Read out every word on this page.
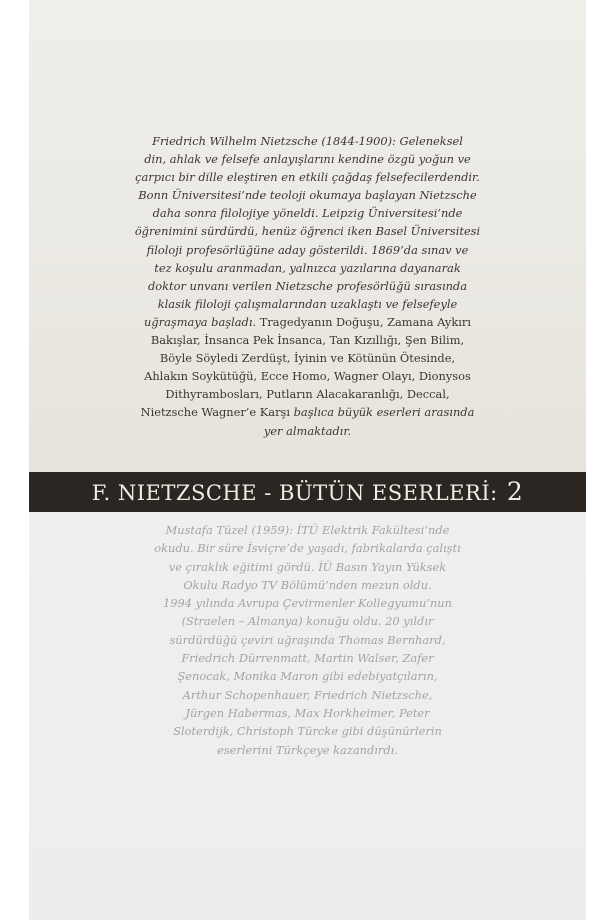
Friedrich Wilhelm Nietzsche (1844-1900): Geleneksel
din, ahlak ve felsefe anlayışlarını kendine özgü yoğun ve
çarpıcı bir dille eleştiren en etkili çağdaş felsefecilerdendir.
Bonn Üniversitesi’nde teoloji okumaya başlayan Nietzsche
daha sonra filolojiye yöneldi. Leipzig Üniversitesi’nde
öğrenimini sürdürdü, henüz öğrenci iken Basel Üniversitesi
filoloji profesörlüğüne aday gösterildi. 1869’da sınav ve
tez koşulu aranmadan, yalnızca yazılarına dayanarak
doktor unvanı verilen Nietzsche profesörlüğü sırasında
klasik filoloji çalışmalarından uzaklaştı ve felsefeyle
uğraşmaya başladı. Tragedyanın Doğuşu, Zamana Aykırı
Bakışlar, İnsanca Pek İnsanca, Tan Kızıllığı, Şen Bilim,
Böyle Söyledi Zerdüşt, İyinin ve Kötünün Ötesinde,
Ahlakın Soykütüğü, Ecce Homo, Wagner Olayı, Dionysos
Dithyrambosları, Putların Alacakaranlığı, Deccal,
Nietzsche Wagner’e Karşı başlıca büyük eserleri arasında
yer almaktadır.
F. NIETZSCHE - BÜTÜN ESERLERİ: 2
Mustafa Tüzel (1959): İTÜ Elektrik Fakültesi’nde
okudu. Bir süre İsviçre’de yaşadı, fabrikalarda çalıştı
ve çıraklık eğitimi gördü. İÜ Basın Yayın Yüksek
Okulu Radyo TV Bölümü’nden mezun oldu.
1994 yılında Avrupa Çevirmenler Kollegyumu’nun
(Straelen – Almanya) konuğu oldu. 20 yıldır
sürdürdüğü çeviri uğraşında Thomas Bernhard,
Friedrich Dürrenmatt, Martin Walser, Zafer
Şenocak, Monika Maron gibi edebiyatçıların,
Arthur Schopenhauer, Friedrich Nietzsche,
Jürgen Habermas, Max Horkheimer, Peter
Sloterdijk, Christoph Türcke gibi düşünürlerin
eserlerini Türkçeye kazandırdı.
